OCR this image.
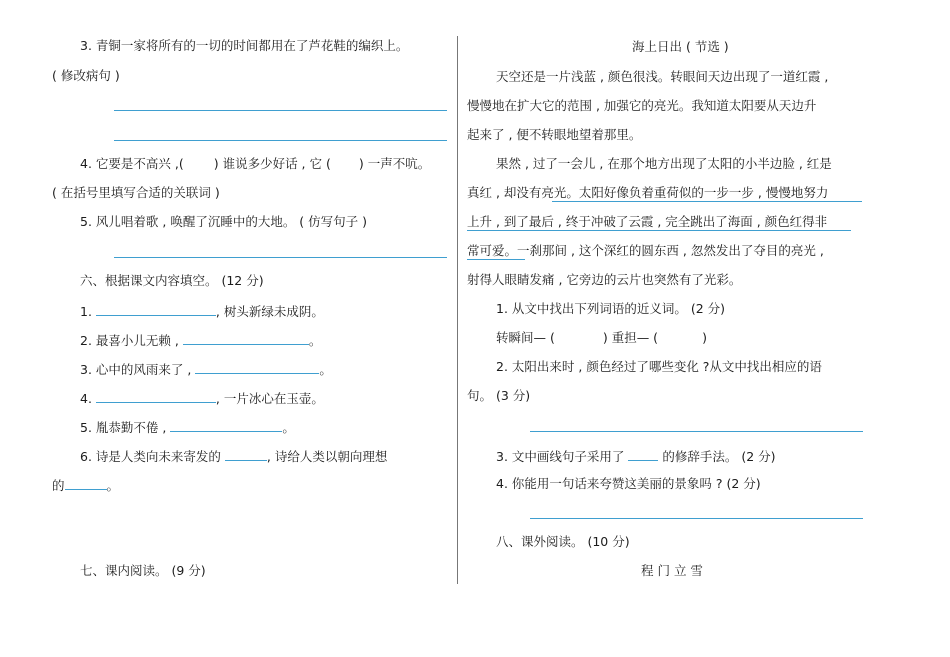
3. 青铜一家将所有的一切的时间都用在了芦花鞋的编织上。
( 修改病句 )
4. 它要是不高兴 ,( ) 谁说多少好话 , 它 ( ) 一声不吭。
( 在括号里填写合适的关联词 )
5. 风儿唱着歌 , 唤醒了沉睡中的大地。 ( 仿写句子 )
六、根据课文内容填空。 (12 分)
1.	, 树头新绿未成阴。
2. 最喜小儿无赖 ,	。
3. 心中的风雨来了 ,	。
4.	, 一片冰心在玉壶。
5. 胤恭勤不倦 ,	。
6. 诗是人类向未来寄发的	, 诗给人类以朝向理想
的	。
七、课内阅读。 (9 分)
海上日出 ( 节选 )
天空还是一片浅蓝 , 颜色很浅。转眼间天边出现了一道红霞 ,
慢慢地在扩大它的范围 , 加强它的亮光。我知道太阳要从天边升
起来了 , 便不转眼地望着那里。
果然 , 过了一会儿 , 在那个地方出现了太阳的小半边脸 , 红是
真红 , 却没有亮光。太阳好像负着重荷似的一步一步 , 慢慢地努力
上升 , 到了最后 , 终于冲破了云霞 , 完全跳出了海面 , 颜色红得非
常可爱。一刹那间 , 这个深红的圆东西 , 忽然发出了夺目的亮光 ,
射得人眼睛发痛 , 它旁边的云片也突然有了光彩。
1. 从文中找出下列词语的近义词。 (2 分)
转瞬间— (	) 重担— (	)
2. 太阳出来时 , 颜色经过了哪些变化 ?从文中找出相应的语
句。 (3 分)
3. 文中画线句子采用了	的修辞手法。 (2 分)
4. 你能用一句话来夸赞这美丽的景象吗 ? (2 分)
八、课外阅读。 (10 分)
程 门 立 雪
